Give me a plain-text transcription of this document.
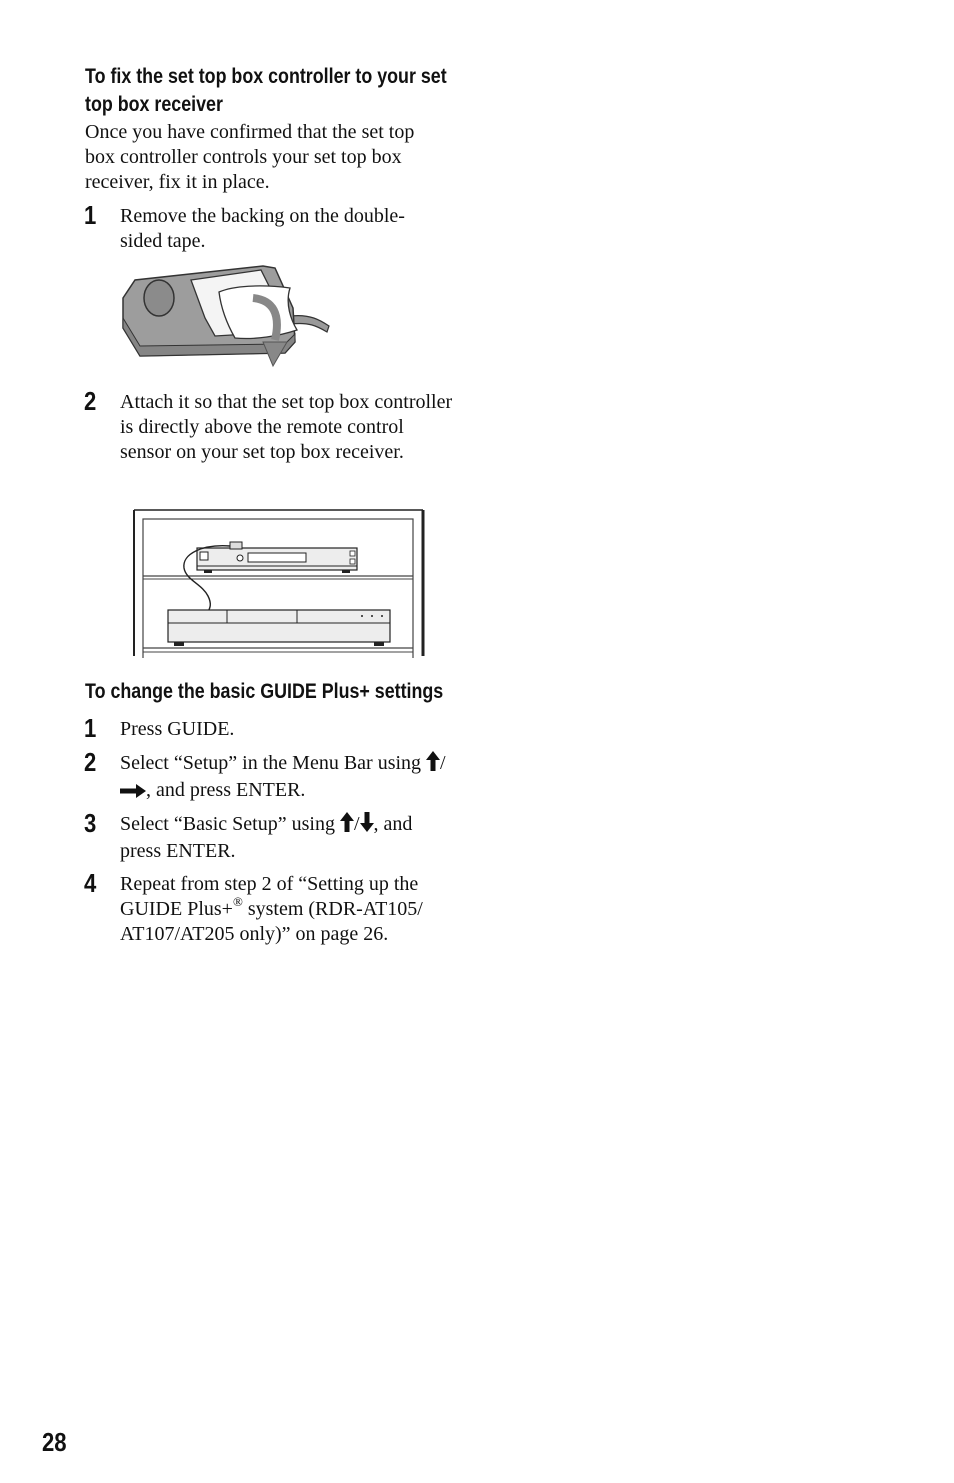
To fix the set top box controller to your set
top box receiver
Once you have confirmed that the set top box controller controls your set top box receiver, fix it in place.
1 Remove the backing on the double-sided tape.
2 Attach it so that the set top box controller is directly above the remote control sensor on your set top box receiver.
To change the basic GUIDE Plus+ settings
1 Press GUIDE.
2 Select “Setup” in the Menu Bar using /
, and press ENTER.
3 Select “Basic Setup” using / , and press ENTER.
4 Repeat from step 2 of “Setting up the GUIDE Plus+® system (RDR-AT105/ AT107/AT205 only)” on page 26.
28
